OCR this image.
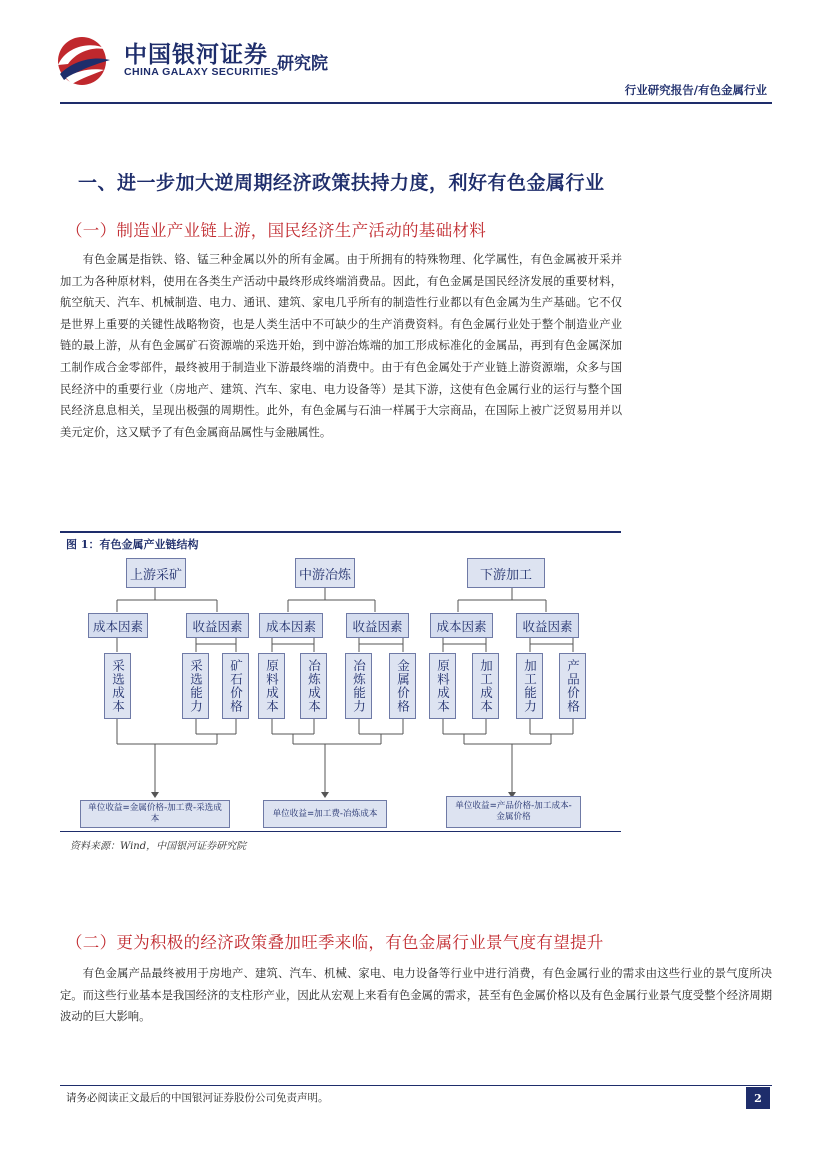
中国银河证券
CHINA GALAXY SECURITIES
研究院
行业研究报告/有色金属行业
一、进一步加大逆周期经济政策扶持力度，利好有色金属行业
（一）制造业产业链上游，国民经济生产活动的基础材料
有色金属是指铁、铬、锰三种金属以外的所有金属。由于所拥有的特殊物理、化学属性，有色金属被开采并加工为各种原材料，使用在各类生产活动中最终形成终端消费品。因此，有色金属是国民经济发展的重要材料，航空航天、汽车、机械制造、电力、通讯、建筑、家电几乎所有的制造性行业都以有色金属为生产基础。它不仅是世界上重要的关键性战略物资，也是人类生活中不可缺少的生产消费资料。有色金属行业处于整个制造业产业链的最上游，从有色金属矿石资源端的采选开始，到中游冶炼端的加工形成标准化的金属品，再到有色金属深加工制作成合金零部件，最终被用于制造业下游最终端的消费中。由于有色金属处于产业链上游资源端，众多与国民经济中的重要行业（房地产、建筑、汽车、家电、电力设备等）是其下游，这使有色金属行业的运行与整个国民经济息息相关，呈现出极强的周期性。此外，有色金属与石油一样属于大宗商品，在国际上被广泛贸易用并以美元定价，这又赋予了有色金属商品属性与金融属性。
图 1：有色金属产业链结构
上游采矿	中游冶炼	下游加工
成本因素	收益因素	成本因素	收益因素	成本因素	收益因素
采选成本	采选能力	矿石价格	原料成本	冶炼成本	冶炼能力	金属价格	原料成本	加工成本	加工能力	产品价格
单位收益=金属价格-加工费-采选成本
单位收益=加工费-冶炼成本
单位收益=产品价格-加工成本-金属价格
资料来源：Wind，中国银河证券研究院
（二）更为积极的经济政策叠加旺季来临，有色金属行业景气度有望提升
有色金属产品最终被用于房地产、建筑、汽车、机械、家电、电力设备等行业中进行消费，有色金属行业的需求由这些行业的景气度所决定。而这些行业基本是我国经济的支柱形产业，因此从宏观上来看有色金属的需求，甚至有色金属价格以及有色金属行业景气度受整个经济周期波动的巨大影响。
请务必阅读正文最后的中国银河证券股份公司免责声明。	2
